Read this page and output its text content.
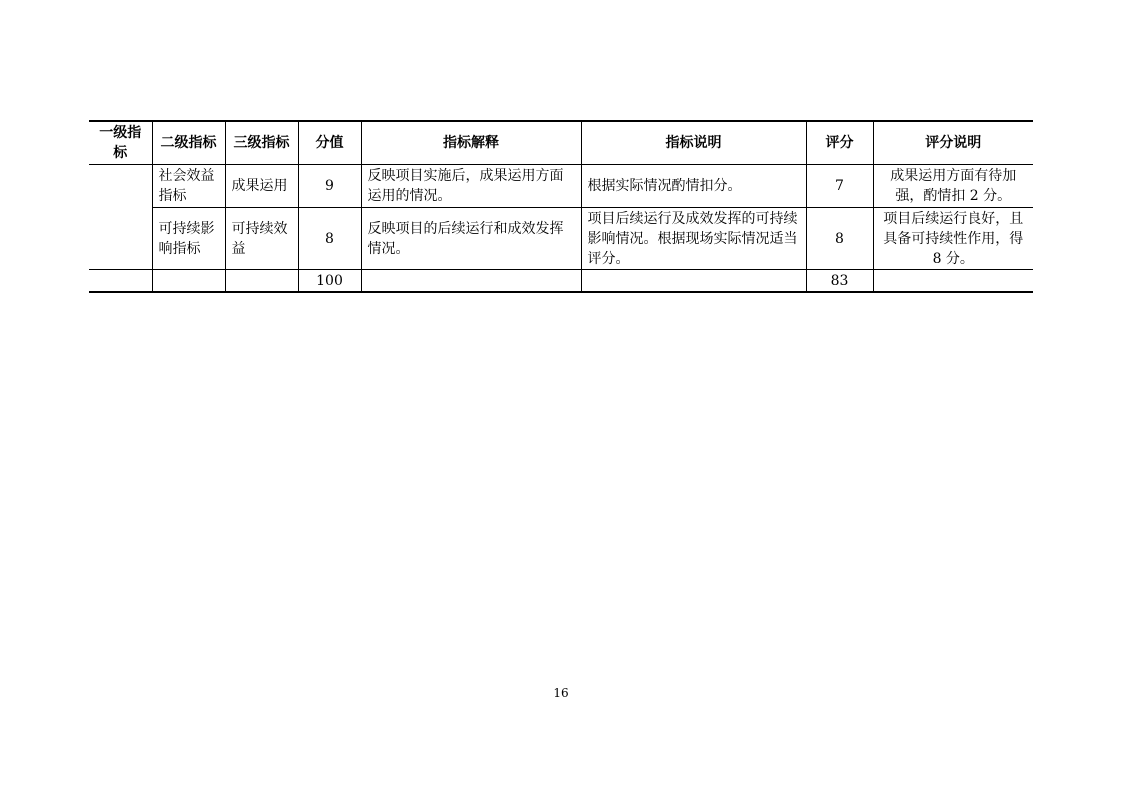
一级指标	二级指标	三级指标	分值	指标解释	指标说明	评分	评分说明
	社会效益指标	成果运用	9	反映项目实施后，成果运用方面运用的情况。	根据实际情况酌情扣分。	7	成果运用方面有待加强，酌情扣 2 分。
	可持续影响指标	可持续效益	8	反映项目的后续运行和成效发挥情况。	项目后续运行及成效发挥的可持续影响情况。根据现场实际情况适当评分。	8	项目后续运行良好，且具备可持续性作用，得 8 分。
			100			83	
16
